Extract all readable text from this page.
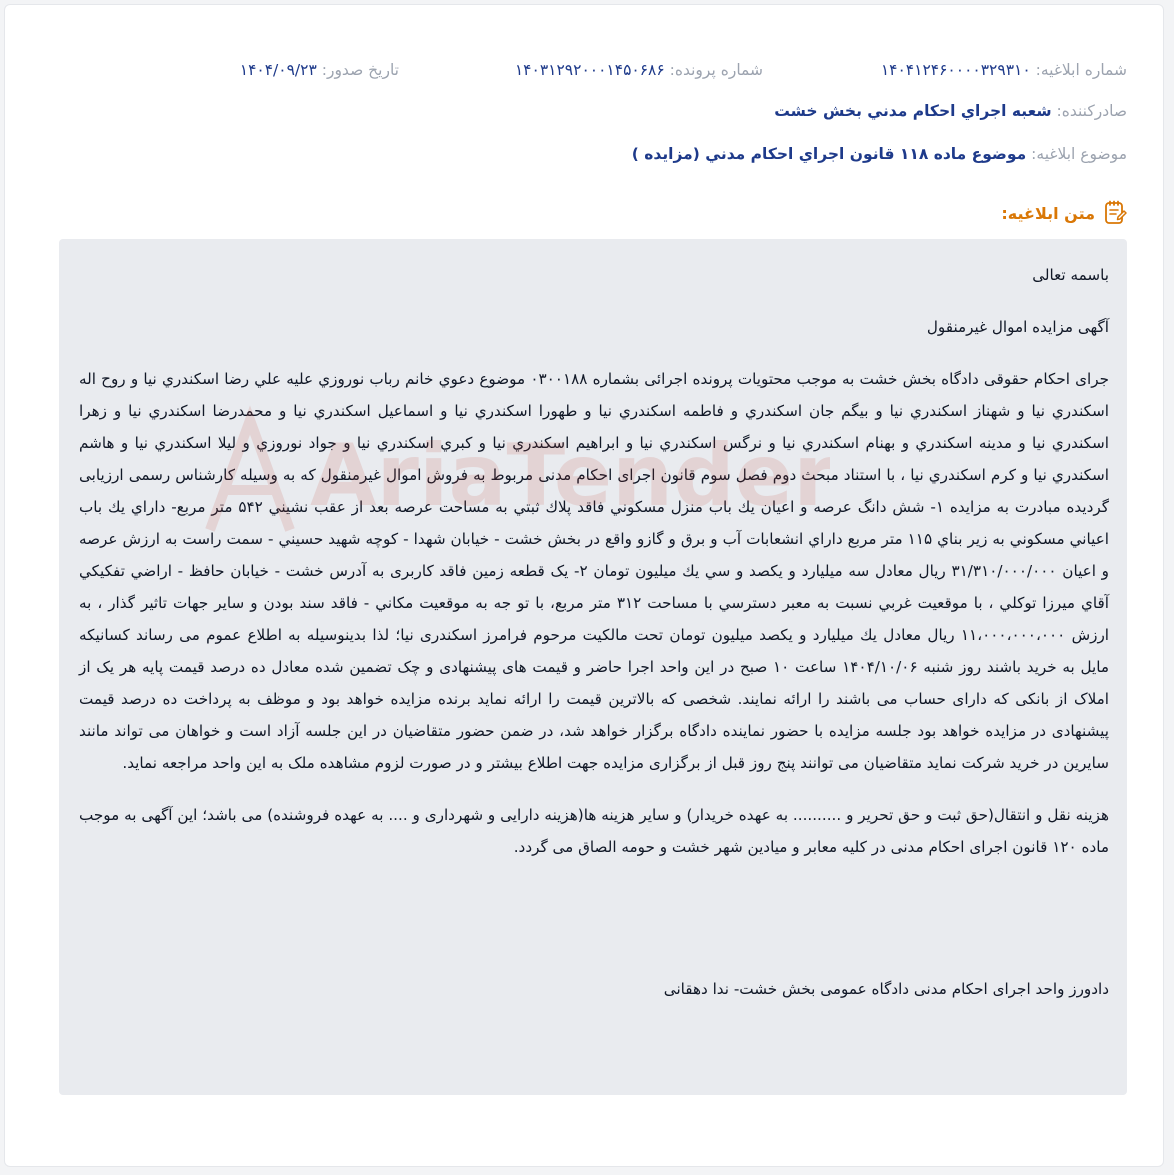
شماره ابلاغيه: ۱۴۰۴۱۲۴۶۰۰۰۰۳۲۹۳۱۰
شماره پرونده: ۱۴۰۳۱۲۹۲۰۰۰۱۴۵۰۶۸۶
تاریخ صدور: ۱۴۰۴/۰۹/۲۳
صادرکننده: شعبه اجراي احكام مدني بخش خشت
موضوع ابلاغيه: موضوع ماده ۱۱۸ قانون اجراي احكام مدني (مزايده )
متن ابلاغيه:

باسمه تعالی

آگهی مزایده اموال غیرمنقول

جرای احکام حقوقی دادگاه بخش خشت به موجب محتویات پرونده اجرائی بشماره ۰۳۰۰۱۸۸ موضوع دعوي خانم رباب نوروزي عليه علي رضا اسكندري نيا و روح اله اسكندري نيا و شهناز اسكندري نيا و بيگم جان اسكندري و فاطمه اسكندري نيا و طهورا اسكندري نيا و اسماعيل اسكندري نيا و محمدرضا اسكندري نيا و زهرا اسكندري نيا و مدينه اسكندري و بهنام اسكندري نيا و نرگس اسكندري نيا و ابراهيم اسكندري نيا و كبري اسكندري نيا و جواد نوروزي و ليلا اسكندري نيا و هاشم اسكندري نيا و كرم اسكندري نيا ، با استناد مبحث دوم فصل سوم قانون اجرای احکام مدنی مربوط به فروش اموال غیرمنقول که به وسیله کارشناس رسمی ارزیابی گردیده مبادرت به مزایده ۱- شش دانگ عرصه و اعيان يك باب منزل مسكوني فاقد پلاك ثبتي به مساحت عرصه بعد از عقب نشيني ۵۴۲ متر مربع- داراي يك باب اعياني مسكوني به زير بناي ۱۱۵ متر مربع داراي انشعابات آب و برق و گازو واقع در بخش خشت - خيابان شهدا - كوچه شهيد حسيني - سمت راست به ارزش عرصه و اعيان ۳۱/۳۱۰/۰۰۰/۰۰۰ ريال معادل سه ميليارد و يكصد و سي يك ميليون تومان ۲- يک قطعه زمين فاقد کاربری به آدرس خشت - خيابان حافظ - اراضي تفكيكي آقاي ميرزا توكلي ، با موقعيت غربي نسبت به معبر دسترسي با مساحت ۳۱۲ متر مربع، با تو جه به موقعيت مكاني - فاقد سند بودن و ساير جهات تاثير گذار ، به ارزش ۱۱،۰۰۰،۰۰۰،۰۰۰ ريال معادل يك ميليارد و يكصد ميليون تومان تحت مالكيت مرحوم فرامرز اسكندری نيا؛ لذا بدينوسيله به اطلاع عموم می رساند کسانيکه مايل به خريد باشند روز شنبه ۱۴۰۴/۱۰/۰۶ ساعت ۱۰ صبح در اين واحد اجرا حاضر و قيمت های پيشنهادی و چک تضمين شده معادل ده درصد قيمت پايه هر يک از املاک از بانکی که دارای حساب می باشند را ارائه نمايند. شخصی که بالاترين قيمت را ارائه نمايد برنده مزايده خواهد بود و موظف به پرداخت ده درصد قيمت پيشنهادی در مزايده خواهد بود جلسه مزايده با حضور نماينده دادگاه برگزار خواهد شد، در ضمن حضور متقاضيان در اين جلسه آزاد است و خواهان می تواند مانند سايرين در خريد شرکت نمايد متقاضيان می توانند پنج روز قبل از برگزاری مزايده جهت اطلاع بيشتر و در صورت لزوم مشاهده ملک به اين واحد مراجعه نمايد.

هزينه نقل و انتقال(حق ثبت و حق تحرير و .......... به عهده خريدار) و ساير هزينه ها(هزينه دارايی و شهرداری و .... به عهده فروشنده) می باشد؛ اين آگهی به موجب ماده ۱۲۰ قانون اجرای احکام مدنی در کليه معابر و ميادين شهر خشت و حومه الصاق می گردد.

دادورز واحد اجرای احکام مدنی دادگاه عمومی بخش خشت- ندا دهقانی
